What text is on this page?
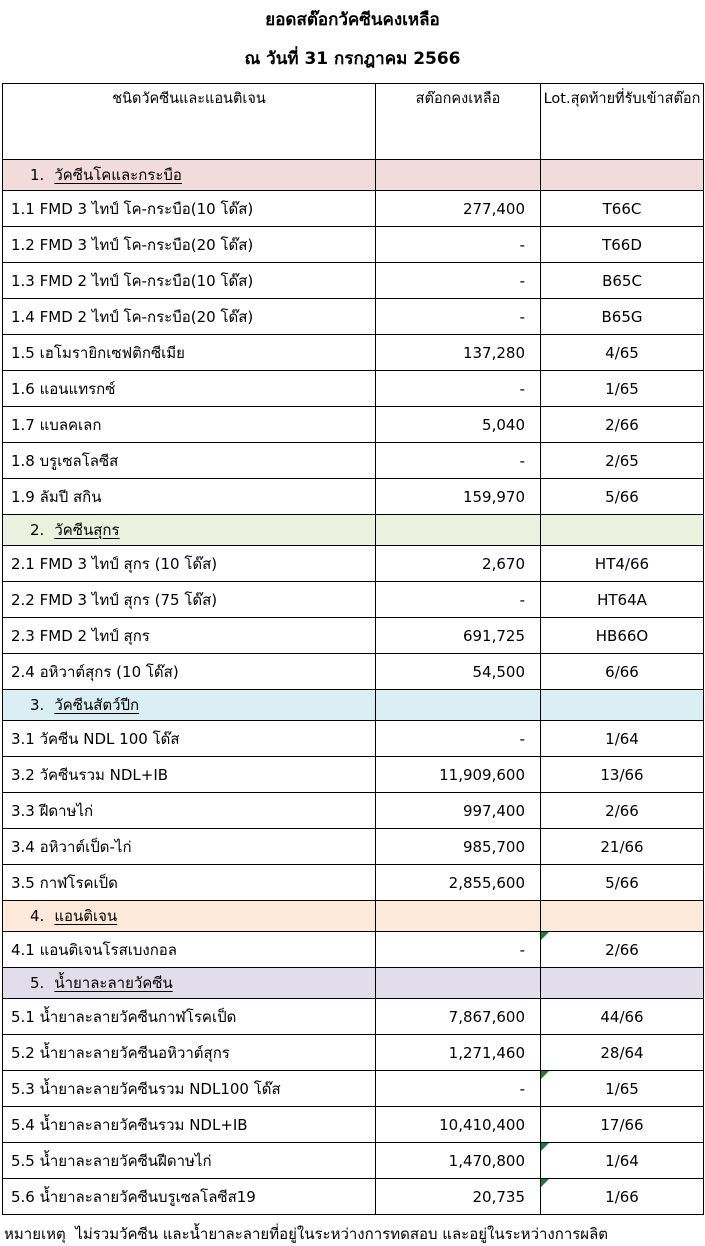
ยอดสต๊อกวัคซีนคงเหลือ
ณ วันที่ 31 กรกฎาคม 2566
ชนิดวัคซีนและแอนติเจน	สต๊อกคงเหลือ	Lot.สุดท้ายที่รับเข้าสต๊อก
1. วัคซีนโคและกระบือ		
1.1 FMD 3 ไทป์ โค-กระบือ(10 โด๊ส)	277,400	T66C
1.2 FMD 3 ไทป์ โค-กระบือ(20 โด๊ส)	-	T66D
1.3 FMD 2 ไทป์ โค-กระบือ(10 โด๊ส)	-	B65C
1.4 FMD 2 ไทป์ โค-กระบือ(20 โด๊ส)	-	B65G
1.5 เฮโมรายิกเซฟติกซีเมีย	137,280	4/65
1.6 แอนแทรกซ์	-	1/65
1.7 แบลคเลก	5,040	2/66
1.8 บรูเซลโลซีส	-	2/65
1.9 ลัมปี สกิน	159,970	5/66
2. วัคซีนสุกร		
2.1 FMD 3 ไทป์ สุกร (10 โด๊ส)	2,670	HT4/66
2.2 FMD 3 ไทป์ สุกร (75 โด๊ส)	-	HT64A
2.3 FMD 2 ไทป์ สุกร	691,725	HB66O
2.4 อหิวาต์สุกร (10 โด๊ส)	54,500	6/66
3. วัคซีนสัตว์ปีก		
3.1 วัคซีน NDL 100 โด๊ส	-	1/64
3.2 วัคซีนรวม NDL+IB	11,909,600	13/66
3.3 ฝีดาษไก่	997,400	2/66
3.4 อหิวาต์เป็ด-ไก่	985,700	21/66
3.5 กาฬโรคเป็ด	2,855,600	5/66
4. แอนติเจน		
4.1 แอนติเจนโรสเบงกอล	-	2/66
5. น้ำยาละลายวัคซีน		
5.1 น้ำยาละลายวัคซีนกาฬโรคเป็ด	7,867,600	44/66
5.2 น้ำยาละลายวัคซีนอหิวาต์สุกร	1,271,460	28/64
5.3 น้ำยาละลายวัคซีนรวม NDL100 โด๊ส	-	1/65
5.4 น้ำยาละลายวัคซีนรวม NDL+IB	10,410,400	17/66
5.5 น้ำยาละลายวัคซีนฝีดาษไก่	1,470,800	1/64
5.6 น้ำยาละลายวัคซีนบรูเซลโลซีส19	20,735	1/66
หมายเหตุ  ไม่รวมวัคซีน และน้ำยาละลายที่อยู่ในระหว่างการทดสอบ และอยู่ในระหว่างการผลิต
